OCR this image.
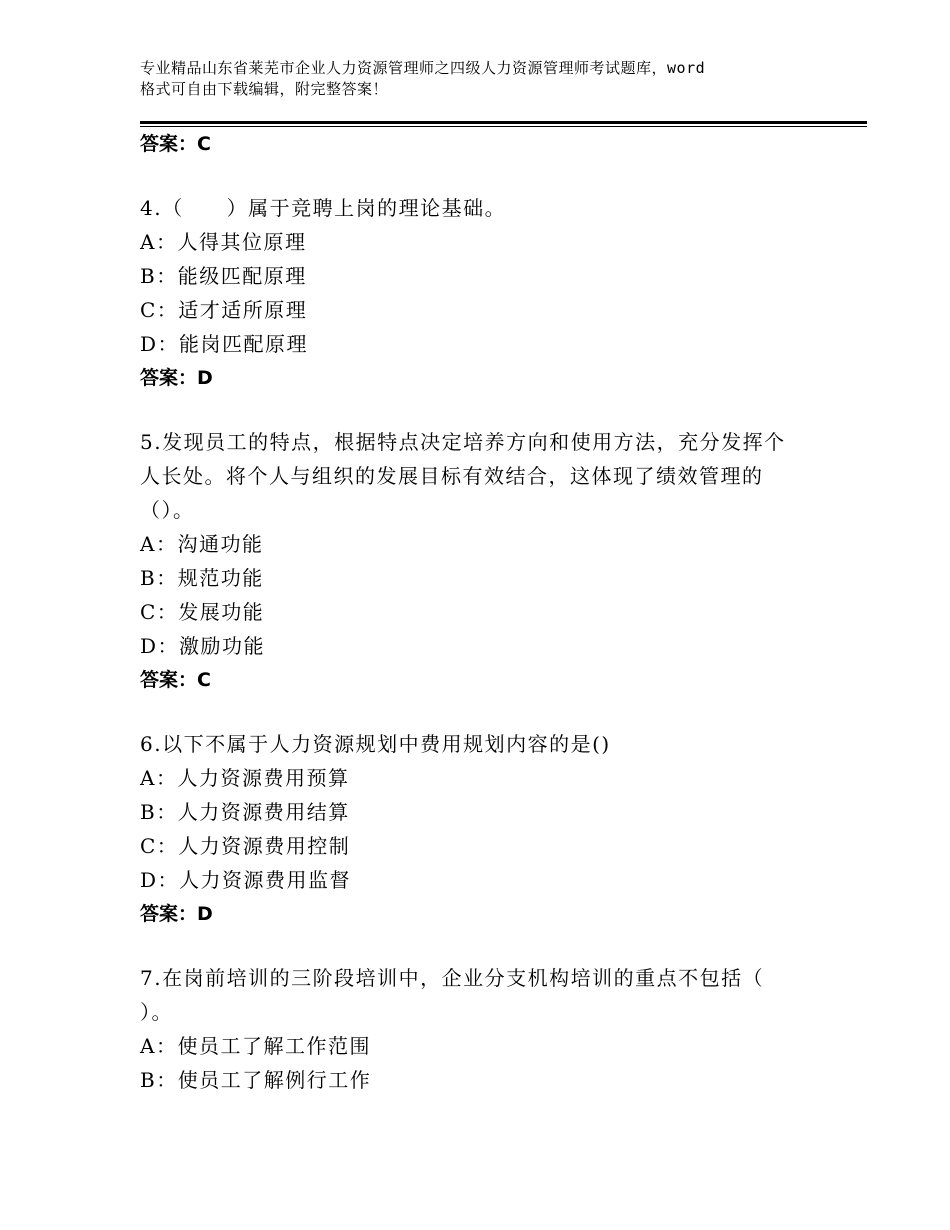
专业精品山东省莱芜市企业人力资源管理师之四级人力资源管理师考试题库，word
格式可自由下载编辑，附完整答案！
答案：C
4.（　　）属于竞聘上岗的理论基础。
A：人得其位原理
B：能级匹配原理
C：适才适所原理
D：能岗匹配原理
答案：D
5.发现员工的特点，根据特点决定培养方向和使用方法，充分发挥个
人长处。将个人与组织的发展目标有效结合，这体现了绩效管理的
（）。
A：沟通功能
B：规范功能
C：发展功能
D：激励功能
答案：C
6.以下不属于人力资源规划中费用规划内容的是()
A：人力资源费用预算
B：人力资源费用结算
C：人力资源费用控制
D：人力资源费用监督
答案：D
7.在岗前培训的三阶段培训中，企业分支机构培训的重点不包括（
）。
A：使员工了解工作范围
B：使员工了解例行工作
